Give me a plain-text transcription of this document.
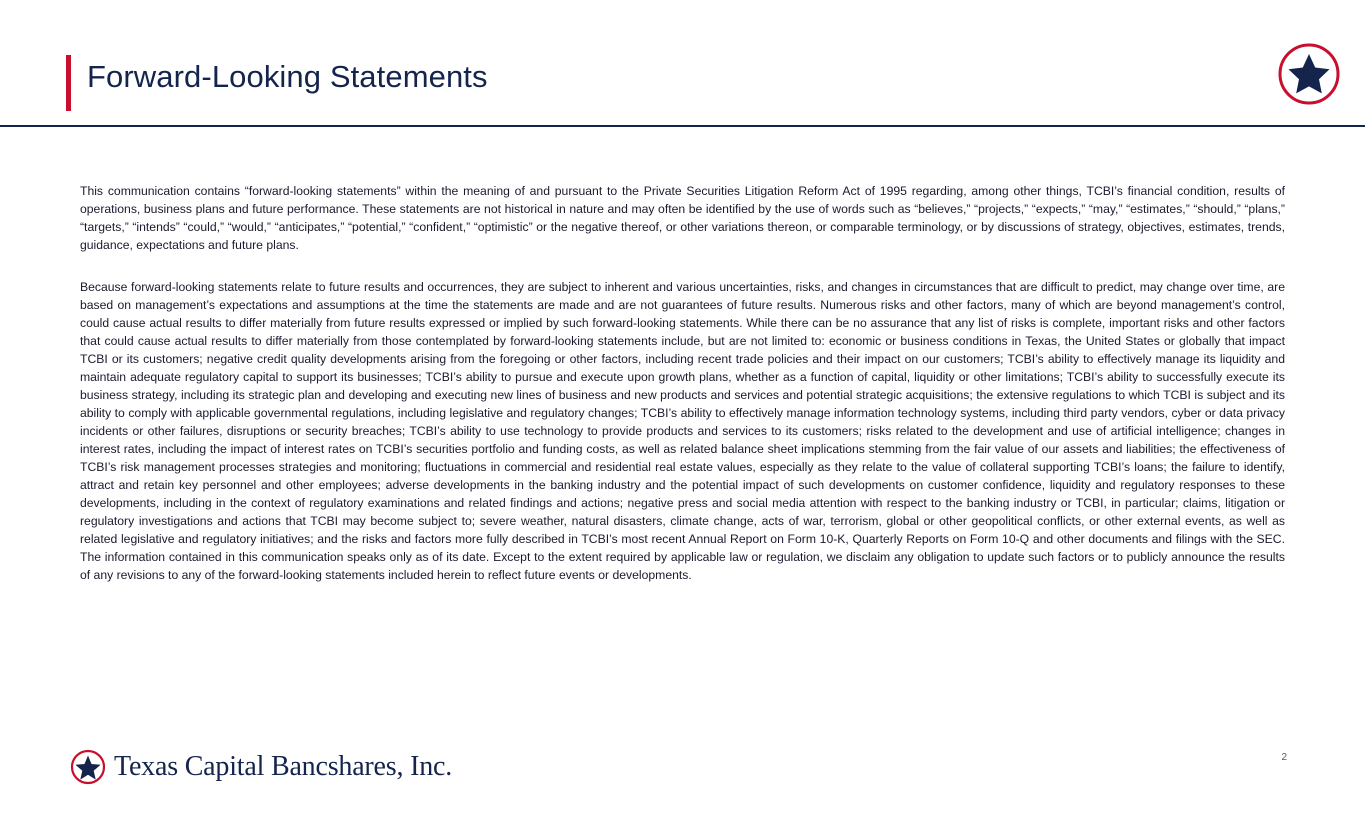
Forward-Looking Statements

This communication contains “forward-looking statements” within the meaning of and pursuant to the Private Securities Litigation Reform Act of 1995 regarding, among other things, TCBI’s financial condition, results of operations, business plans and future performance. These statements are not historical in nature and may often be identified by the use of words such as “believes,” “projects,” “expects,” “may,” “estimates,” “should,” “plans,” “targets,” “intends” “could,” “would,” “anticipates,” “potential,” “confident,” “optimistic” or the negative thereof, or other variations thereon, or comparable terminology, or by discussions of strategy, objectives, estimates, trends, guidance, expectations and future plans.

Because forward-looking statements relate to future results and occurrences, they are subject to inherent and various uncertainties, risks, and changes in circumstances that are difficult to predict, may change over time, are based on management’s expectations and assumptions at the time the statements are made and are not guarantees of future results. Numerous risks and other factors, many of which are beyond management’s control, could cause actual results to differ materially from future results expressed or implied by such forward-looking statements. While there can be no assurance that any list of risks is complete, important risks and other factors that could cause actual results to differ materially from those contemplated by forward-looking statements include, but are not limited to: economic or business conditions in Texas, the United States or globally that impact TCBI or its customers; negative credit quality developments arising from the foregoing or other factors, including recent trade policies and their impact on our customers; TCBI’s ability to effectively manage its liquidity and maintain adequate regulatory capital to support its businesses; TCBI’s ability to pursue and execute upon growth plans, whether as a function of capital, liquidity or other limitations; TCBI’s ability to successfully execute its business strategy, including its strategic plan and developing and executing new lines of business and new products and services and potential strategic acquisitions; the extensive regulations to which TCBI is subject and its ability to comply with applicable governmental regulations, including legislative and regulatory changes; TCBI’s ability to effectively manage information technology systems, including third party vendors, cyber or data privacy incidents or other failures, disruptions or security breaches; TCBI’s ability to use technology to provide products and services to its customers; risks related to the development and use of artificial intelligence; changes in interest rates, including the impact of interest rates on TCBI’s securities portfolio and funding costs, as well as related balance sheet implications stemming from the fair value of our assets and liabilities; the effectiveness of TCBI’s risk management processes strategies and monitoring; fluctuations in commercial and residential real estate values, especially as they relate to the value of collateral supporting TCBI’s loans; the failure to identify, attract and retain key personnel and other employees; adverse developments in the banking industry and the potential impact of such developments on customer confidence, liquidity and regulatory responses to these developments, including in the context of regulatory examinations and related findings and actions; negative press and social media attention with respect to the banking industry or TCBI, in particular; claims, litigation or regulatory investigations and actions that TCBI may become subject to; severe weather, natural disasters, climate change, acts of war, terrorism, global or other geopolitical conflicts, or other external events, as well as related legislative and regulatory initiatives; and the risks and factors more fully described in TCBI’s most recent Annual Report on Form 10-K, Quarterly Reports on Form 10-Q and other documents and filings with the SEC. The information contained in this communication speaks only as of its date. Except to the extent required by applicable law or regulation, we disclaim any obligation to update such factors or to publicly announce the results of any revisions to any of the forward-looking statements included herein to reflect future events or developments.

Texas Capital Bancshares, Inc.	2
